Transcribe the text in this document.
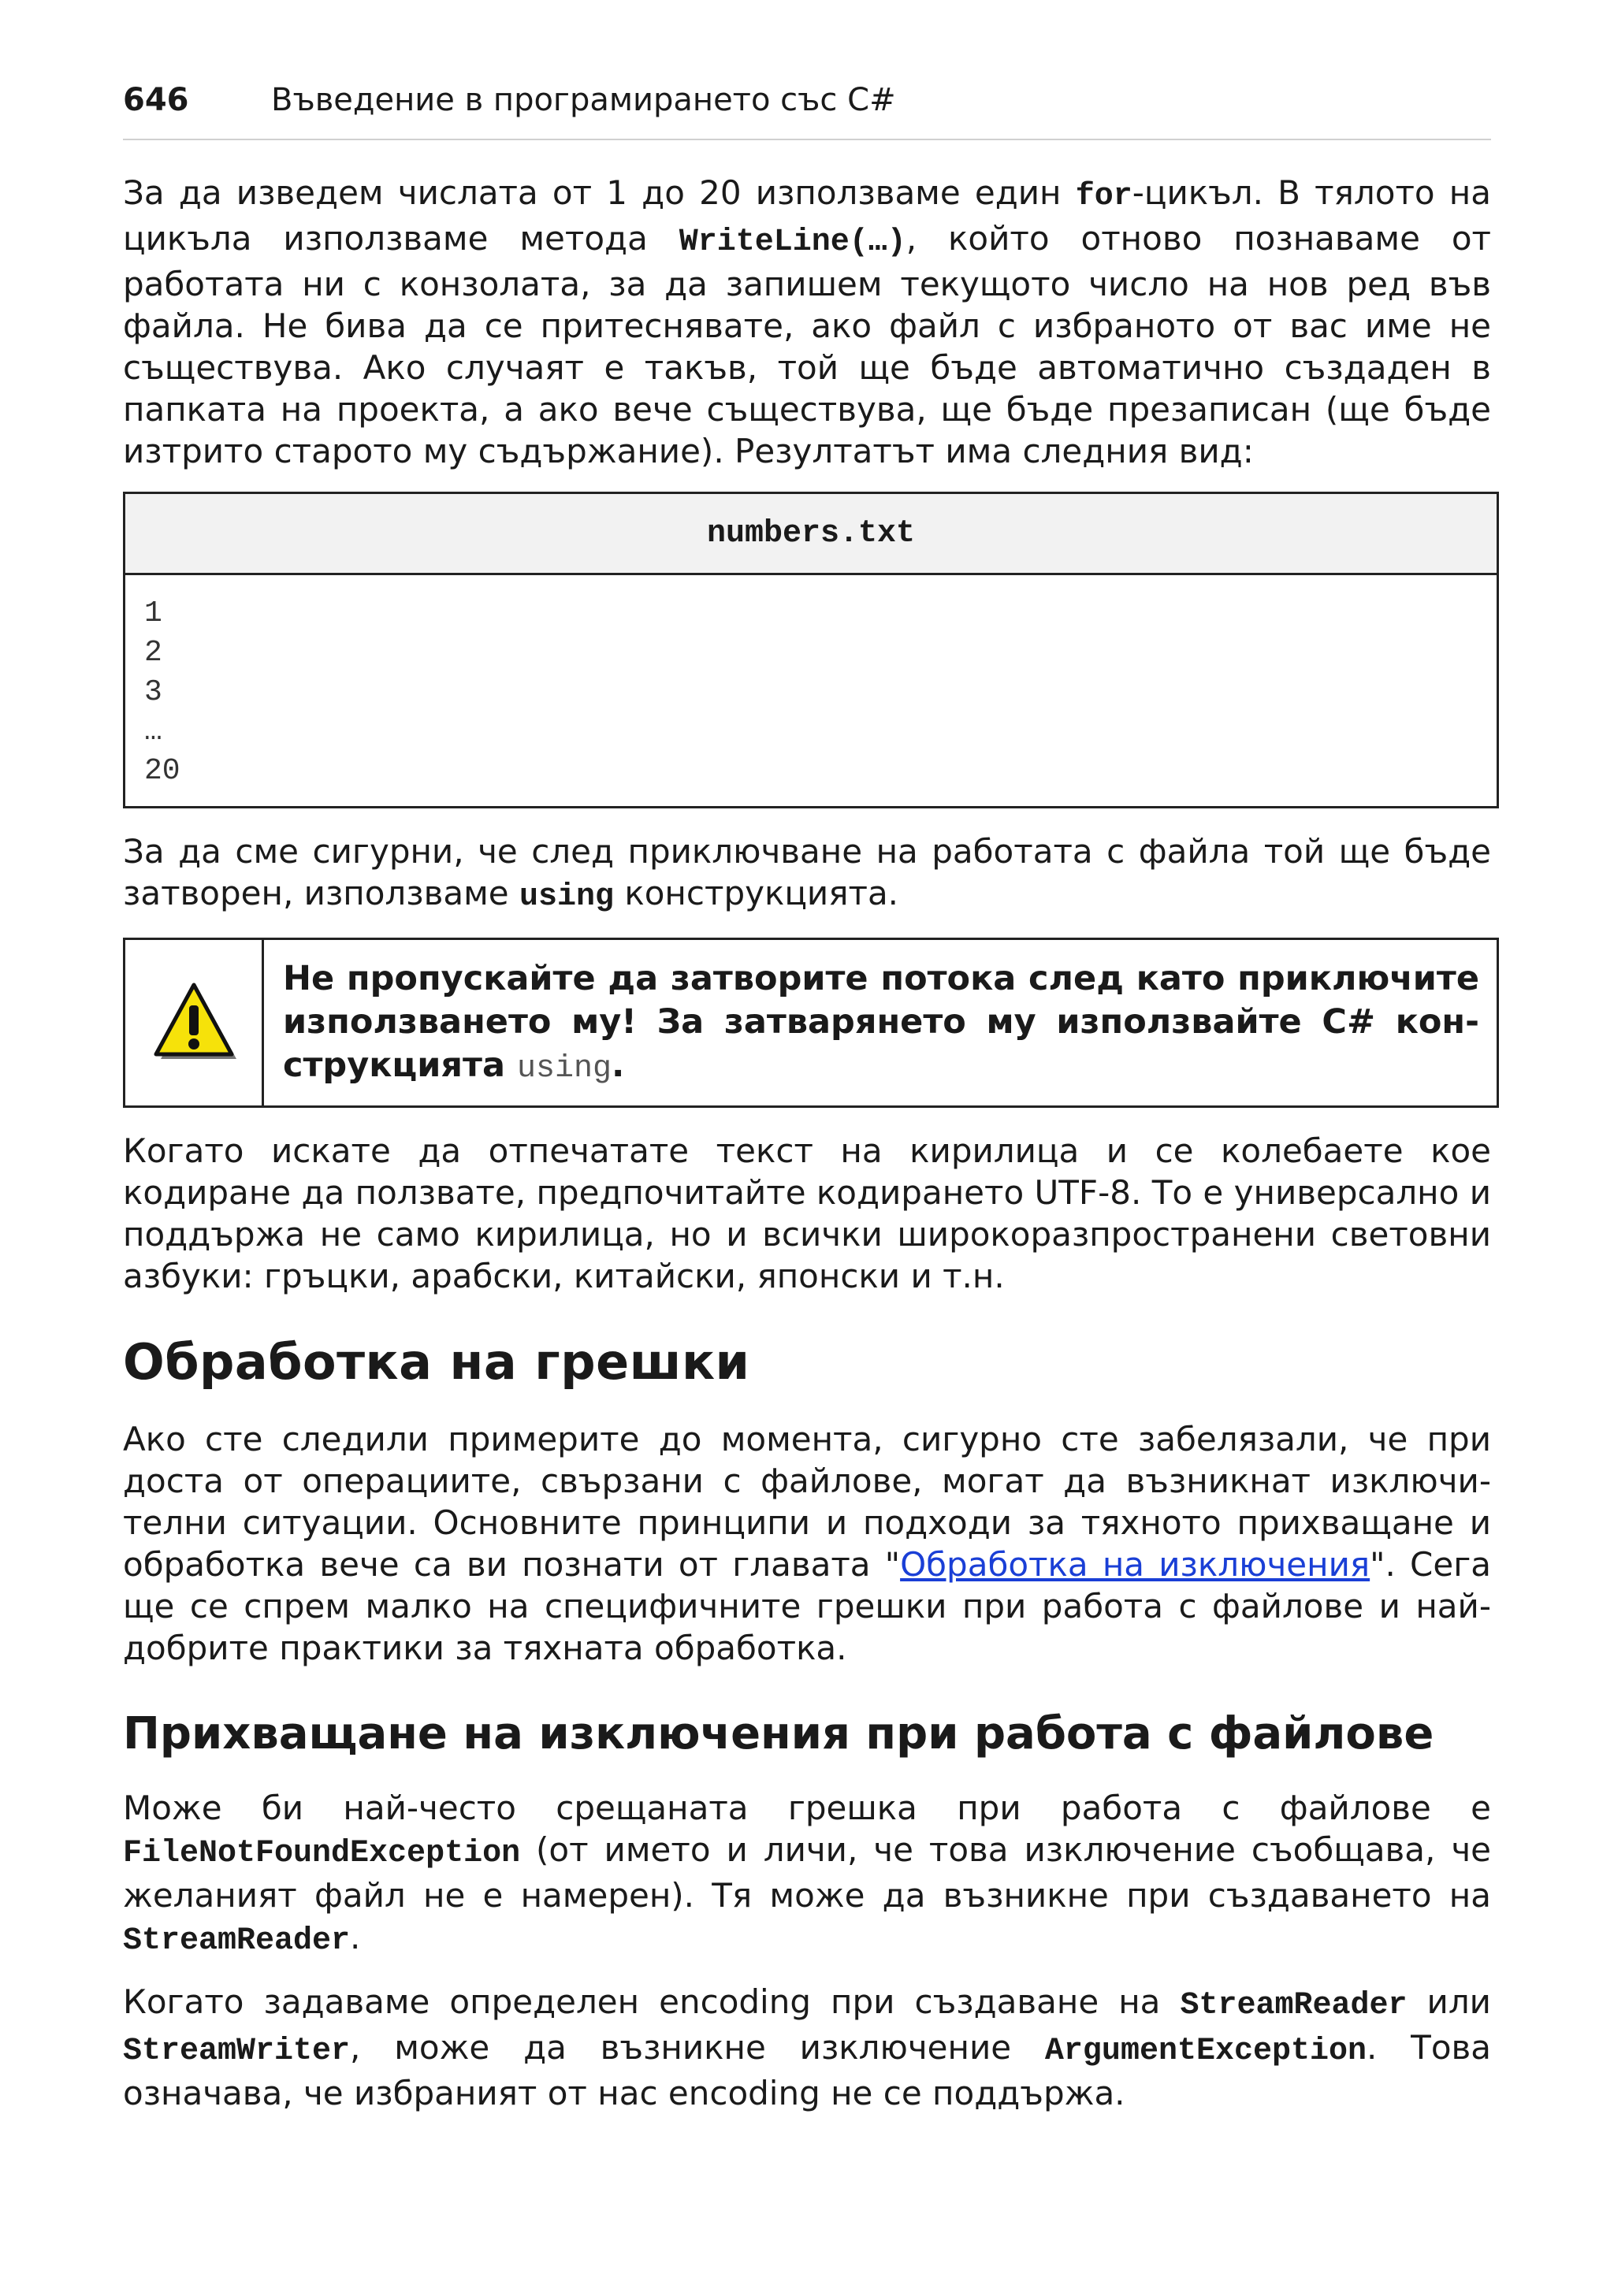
646	Въведение в програмирането със C#

За да изведем числата от 1 до 20 използваме един for-цикъл. В тялото на цикъла използваме метода WriteLine(…), който отново познаваме от работата ни с конзолата, за да запишем текущото число на нов ред във файла. Не бива да се притеснявате, ако файл с избраното от вас име не съществува. Ако случаят е такъв, той ще бъде автоматично създаден в папката на проекта, а ако вече съществува, ще бъде презаписан (ще бъде изтрито старото му съдържание). Резултатът има следния вид:

numbers.txt
1
2
3
…
20

За да сме сигурни, че след приключване на работата с файла той ще бъде затворен, използваме using конструкцията.

Не пропускайте да затворите потока след като приключите използването му! За затварянето му използвайте C# конструкцията using.

Когато искате да отпечатате текст на кирилица и се колебаете кое кодиране да ползвате, предпочитайте кодирането UTF-8. То е универсално и поддържа не само кирилица, но и всички широкоразпространени световни азбуки: гръцки, арабски, китайски, японски и т.н.

Обработка на грешки

Ако сте следили примерите до момента, сигурно сте забелязали, че при доста от операциите, свързани с файлове, могат да възникнат изключителни ситуации. Основните принципи и подходи за тяхното прихващане и обработка вече са ви познати от главата "Обработка на изключения". Сега ще се спрем малко на специфичните грешки при работа с файлове и най-добрите практики за тяхната обработка.

Прихващане на изключения при работа с файлове

Може би най-често срещаната грешка при работа с файлове е FileNotFoundException (от името и личи, че това изключение съобщава, че желаният файл не е намерен). Тя може да възникне при създаването на StreamReader.

Когато задаваме определен encoding при създаване на StreamReader или StreamWriter, може да възникне изключение ArgumentException. Това означава, че избраният от нас encoding не се поддържа.
